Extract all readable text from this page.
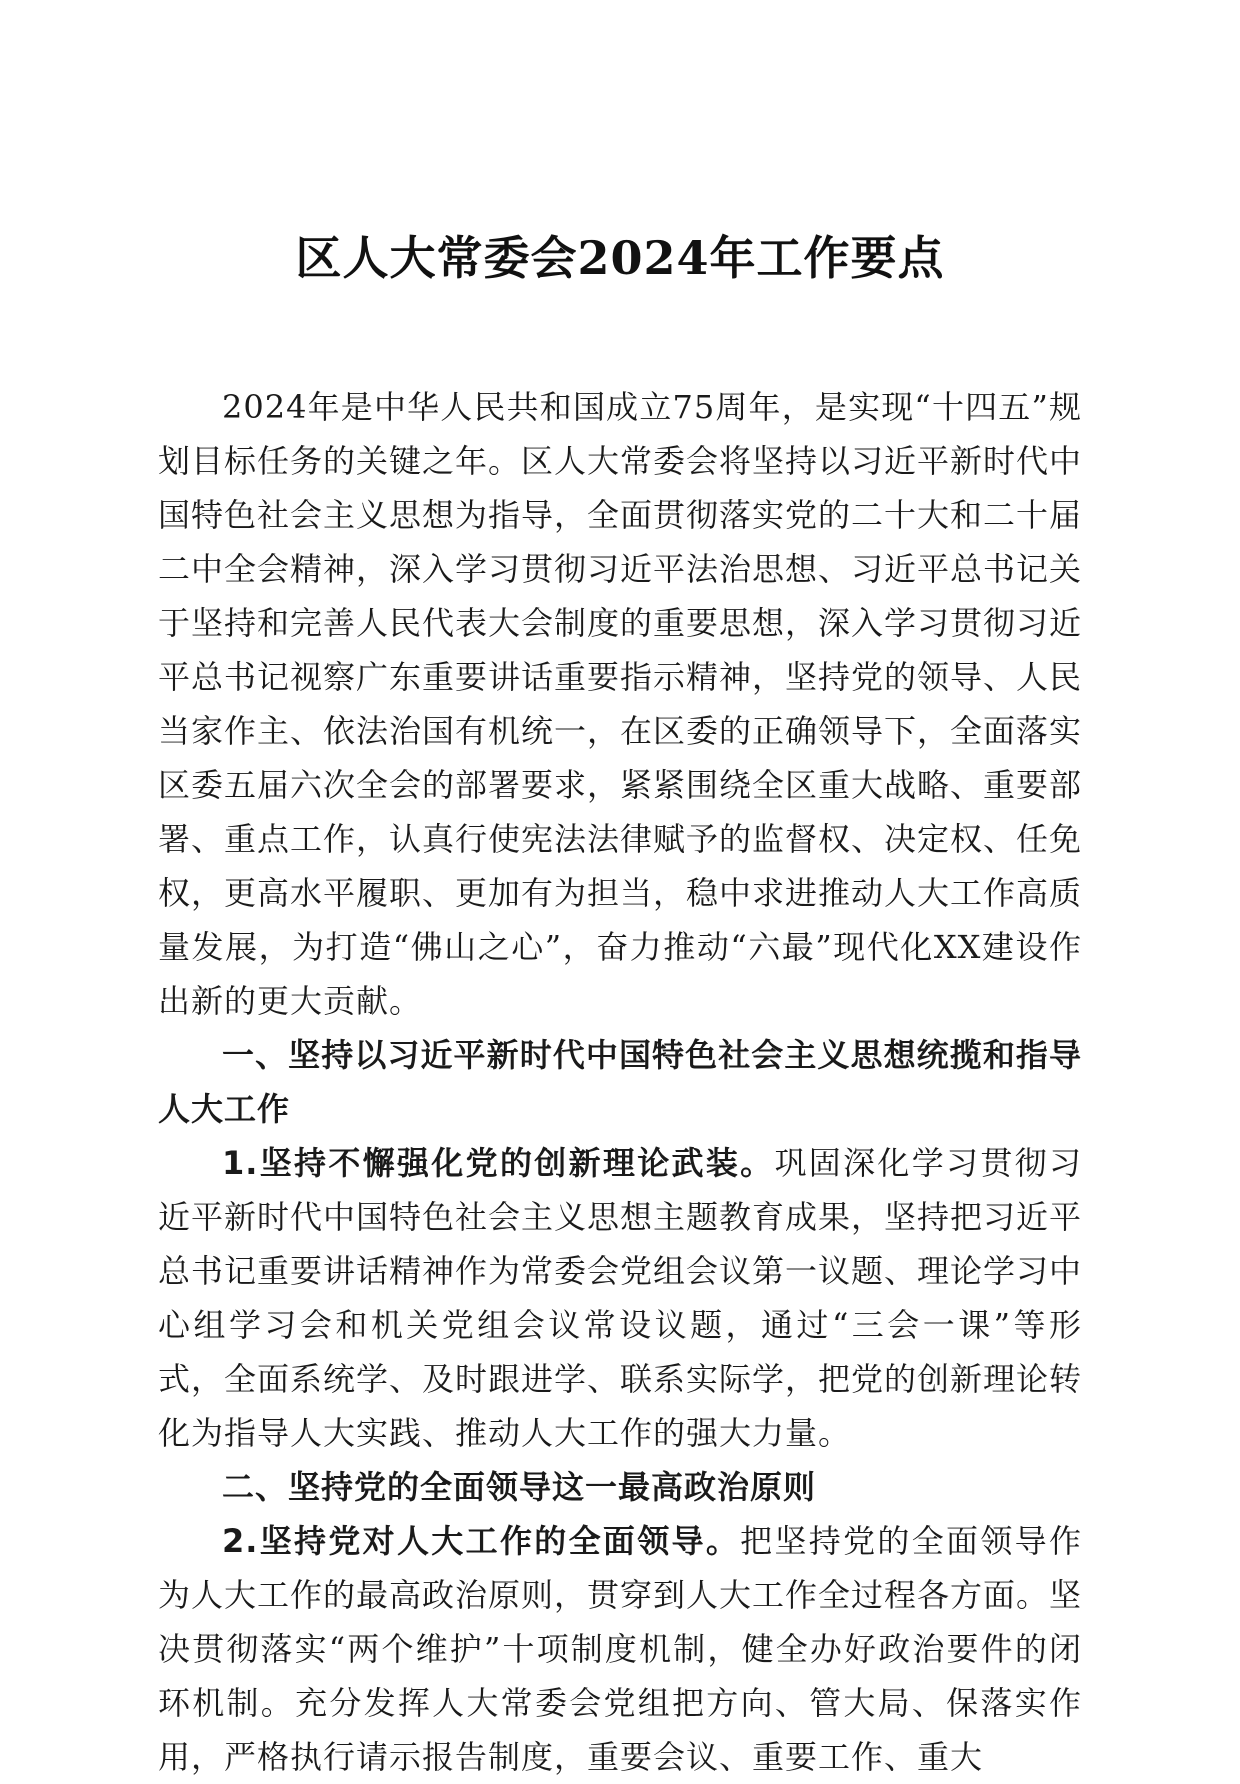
区人大常委会2024年工作要点

2024年是中华人民共和国成立75周年，是实现“十四五”规划目标任务的关键之年。区人大常委会将坚持以习近平新时代中国特色社会主义思想为指导，全面贯彻落实党的二十大和二十届二中全会精神，深入学习贯彻习近平法治思想、习近平总书记关于坚持和完善人民代表大会制度的重要思想，深入学习贯彻习近平总书记视察广东重要讲话重要指示精神，坚持党的领导、人民当家作主、依法治国有机统一，在区委的正确领导下，全面落实区委五届六次全会的部署要求，紧紧围绕全区重大战略、重要部署、重点工作，认真行使宪法法律赋予的监督权、决定权、任免权，更高水平履职、更加有为担当，稳中求进推动人大工作高质量发展，为打造“佛山之心”，奋力推动“六最”现代化XX建设作出新的更大贡献。

一、坚持以习近平新时代中国特色社会主义思想统揽和指导人大工作

1.坚持不懈强化党的创新理论武装。巩固深化学习贯彻习近平新时代中国特色社会主义思想主题教育成果，坚持把习近平总书记重要讲话精神作为常委会党组会议第一议题、理论学习中心组学习会和机关党组会议常设议题，通过“三会一课”等形式，全面系统学、及时跟进学、联系实际学，把党的创新理论转化为指导人大实践、推动人大工作的强大力量。

二、坚持党的全面领导这一最高政治原则

2.坚持党对人大工作的全面领导。把坚持党的全面领导作为人大工作的最高政治原则，贯穿到人大工作全过程各方面。坚决贯彻落实“两个维护”十项制度机制，健全办好政治要件的闭环机制。充分发挥人大常委会党组把方向、管大局、保落实作用，严格执行请示报告制度，重要会议、重要工作、重大
